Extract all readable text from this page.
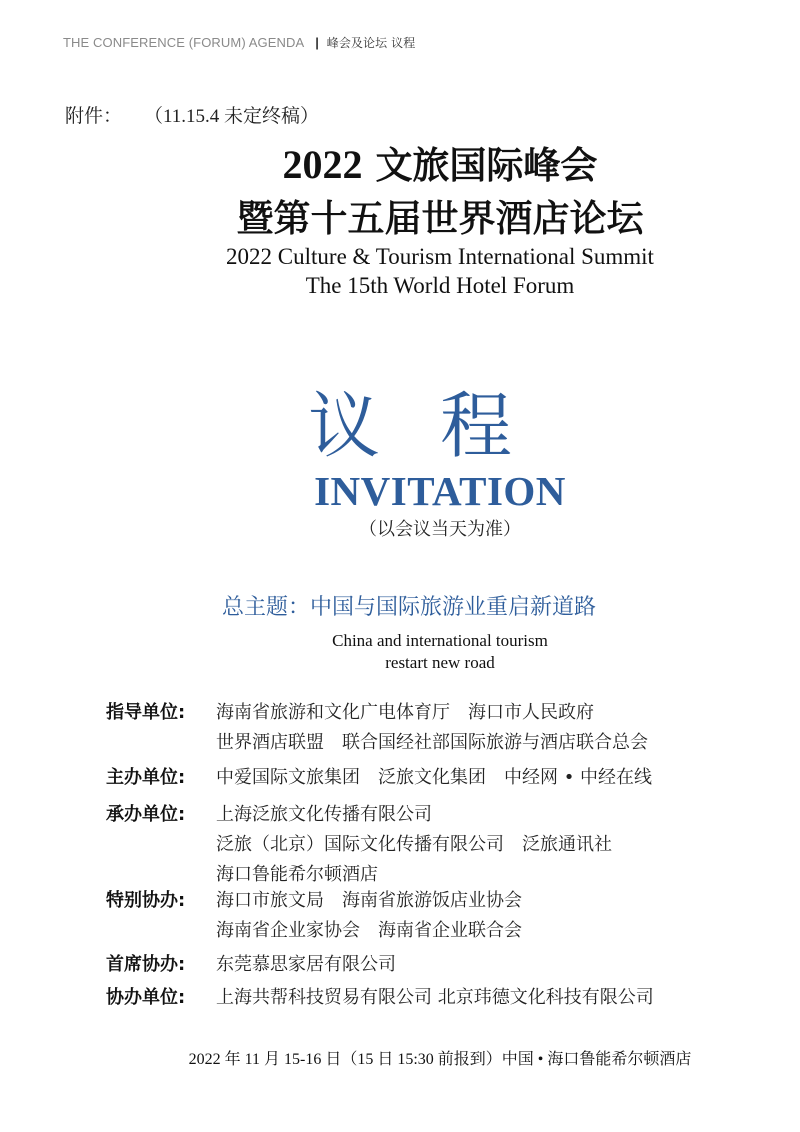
THE CONFERENCE (FORUM) AGENDA | 峰会及论坛 议程
附件： （11.15.4 未定终稿）
2022 文旅国际峰会
暨第十五届世界酒店论坛
2022 Culture & Tourism International Summit
The 15th World Hotel Forum
议程
INVITATION
（以会议当天为准）
总主题：中国与国际旅游业重启新道路
China and international tourism
restart new road
指导单位:	海南省旅游和文化广电体育厅　海口市人民政府
世界酒店联盟　联合国经社部国际旅游与酒店联合总会
主办单位:	中爱国际文旅集团　泛旅文化集团　中经网 • 中经在线
承办单位:	上海泛旅文化传播有限公司
泛旅（北京）国际文化传播有限公司　泛旅通讯社
海口鲁能希尔顿酒店
特别协办:	海口市旅文局　海南省旅游饭店业协会
海南省企业家协会　海南省企业联合会
首席协办:	东莞慕思家居有限公司
协办单位:	上海共帮科技贸易有限公司 北京玮德文化科技有限公司
2022 年 11 月 15-16 日（15 日 15:30 前报到）中国 • 海口鲁能希尔顿酒店
